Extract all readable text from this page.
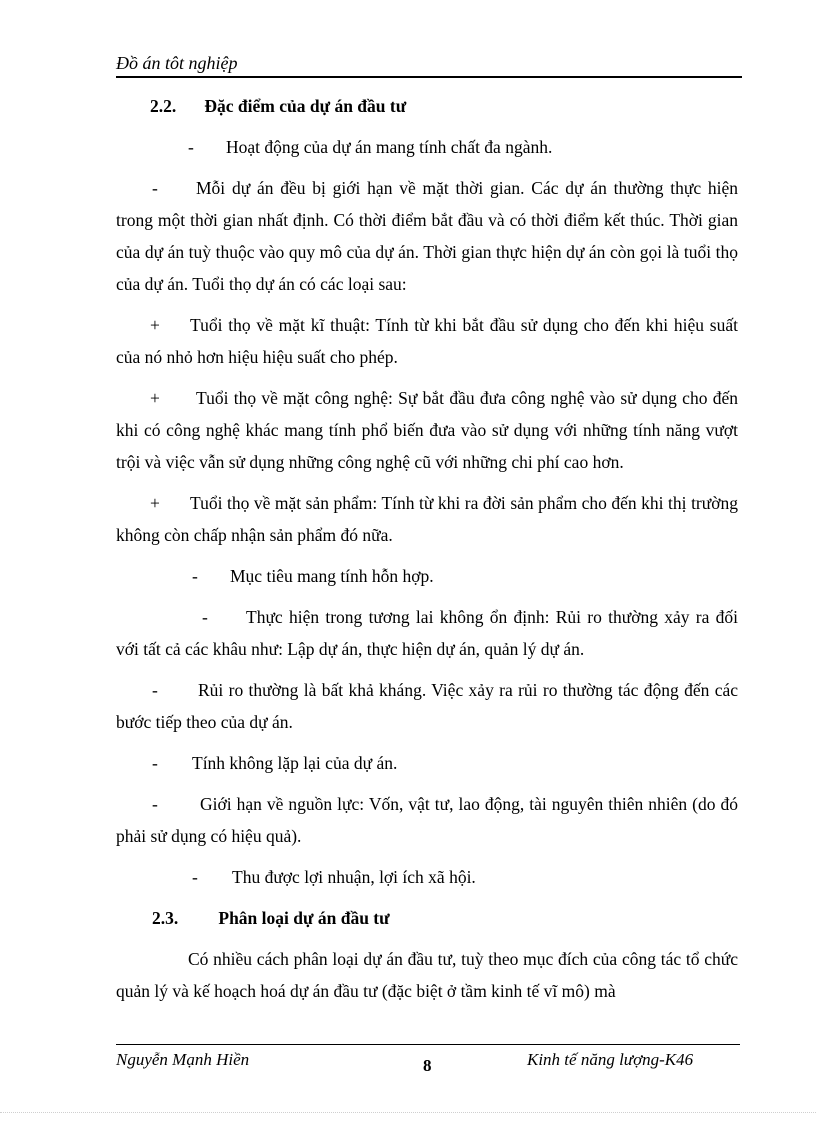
Đồ án tôt nghiệp
2.2. Đặc điểm của dự án đầu tư

- Hoạt động của dự án mang tính chất đa ngành.

- Mỗi dự án đều bị giới hạn về mặt thời gian. Các dự án thường thực hiện trong một thời gian nhất định. Có thời điểm bắt đầu và có thời điểm kết thúc. Thời gian của dự án tuỳ thuộc vào quy mô của dự án. Thời gian thực hiện dự án còn gọi là tuổi thọ của dự án. Tuổi thọ dự án có các loại sau:

+ Tuổi thọ về mặt kĩ thuật: Tính từ khi bắt đầu sử dụng cho đến khi hiệu suất của nó nhỏ hơn hiệu hiệu suất cho phép.

+ Tuổi thọ về mặt công nghệ: Sự bắt đầu đưa công nghệ vào sử dụng cho đến khi có công nghệ khác mang tính phổ biến đưa vào sử dụng với những tính năng vượt trội và việc vẫn sử dụng những công nghệ cũ với những chi phí cao hơn.

+ Tuổi thọ về mặt sản phẩm: Tính từ khi ra đời sản phẩm cho đến khi thị trường không còn chấp nhận sản phẩm đó nữa.

- Mục tiêu mang tính hỗn hợp.

- Thực hiện trong tương lai không ổn định: Rủi ro thường xảy ra đối với tất cả các khâu như: Lập dự án, thực hiện dự án, quản lý dự án.

- Rủi ro thường là bất khả kháng. Việc xảy ra rủi ro thường tác động đến các bước tiếp theo của dự án.

- Tính không lặp lại của dự án.

- Giới hạn về nguồn lực: Vốn, vật tư, lao động, tài nguyên thiên nhiên (do đó phải sử dụng có hiệu quả).

- Thu được lợi nhuận, lợi ích xã hội.

2.3. Phân loại dự án đầu tư

Có nhiều cách phân loại dự án đầu tư, tuỳ theo mục đích của công tác tổ chức quản lý và kế hoạch hoá dự án đầu tư (đặc biệt ở tầm kinh tế vĩ mô) mà

Nguyễn Mạnh Hiền	8	Kinh tế năng lượng-K46
